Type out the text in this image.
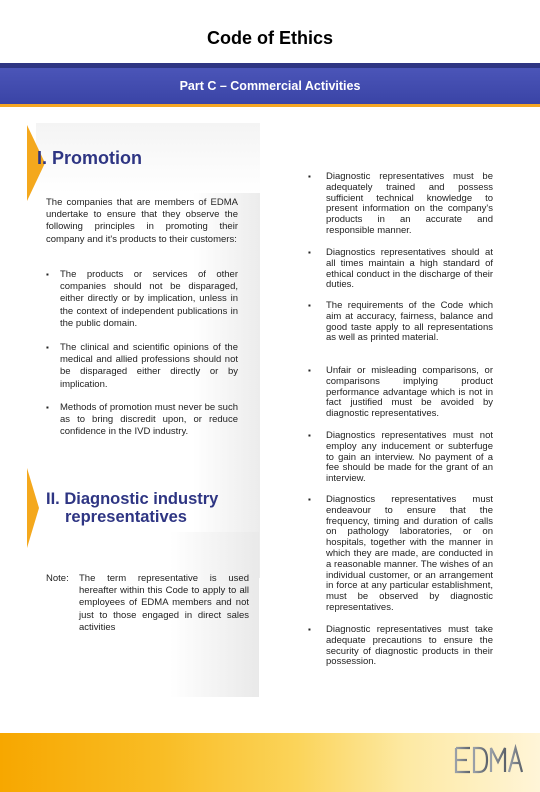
Code of Ethics
Part C – Commercial Activities
I. Promotion
The companies that are members of EDMA undertake to ensure that they observe the following principles in promoting their company and it's products to their customers:
▪ The products or services of other companies should not be disparaged, either directly or by implication, unless in the context of independent publications in the public domain.
▪ The clinical and scientific opinions of the medical and allied professions should not be disparaged either directly or by implication.
▪ Methods of promotion must never be such as to bring discredit upon, or reduce confidence in the IVD industry.
II. Diagnostic industry
representatives
Note: The term representative is used hereafter within this Code to apply to all employees of EDMA members and not just to those engaged in direct sales activities
▪ Diagnostic representatives must be adequately trained and possess sufficient technical knowledge to present information on the company's products in an accurate and responsible manner.
▪ Diagnostics representatives should at all times maintain a high standard of ethical conduct in the discharge of their duties.
▪ The requirements of the Code which aim at accuracy, fairness, balance and good taste apply to all representations as well as printed material.
▪ Unfair or misleading comparisons, or comparisons implying product performance advantage which is not in fact justified must be avoided by diagnostic representatives.
▪ Diagnostics representatives must not employ any inducement or subterfuge to gain an interview. No payment of a fee should be made for the grant of an interview.
▪ Diagnostics representatives must endeavour to ensure that the frequency, timing and duration of calls on pathology laboratories, or on hospitals, together with the manner in which they are made, are conducted in a reasonable manner. The wishes of an individual customer, or an arrangement in force at any particular establishment, must be observed by diagnostic representatives.
▪ Diagnostic representatives must take adequate precautions to ensure the security of diagnostic products in their possession.
